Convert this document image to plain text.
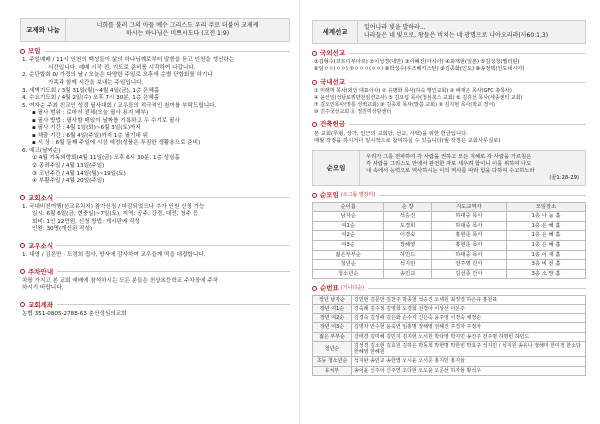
교제와 나눔
너희를 불러 그의 아들 예수 그리스도 우리 주로 더불어 교제케
하시는 하나님은 미쁘시도다 (고전 1:9)
모임
1. 주일예배 / 11시 인천의 백성들이 삶의 하나님께로부터 말씀을 듣고 인천을 갱신하는
시간입니다. 예배 시작 전, 기도로 준비를 시작하여 나갑니다.
2. 순단합회 0/ 가정의 날 / 오늘은 다양한 주일로 오후에 순별 단합회를 하기나
가족과 함께 시간을 보내는 주일입니다.
3. 새벽기도회 / 3월 31일(월)~4월 4일(금), 1층 은혜홀
4. 수요기도회 / 4월 2일(수) 오후 7시 30분, 1층 은혜홀
5. 여자순 주최 친교인 성경 필사대회 / 교우들의 적극적인 참여를 부탁드립니다.
▪ 필사 범위 : 로마서 전체(오늘 필사 용지 배부)
▪ 필사 방법 : 필사할 매일이 날짜를 기록하고 두 수기로 필사
▪ 필사 기간 : 4월 1일(화)~6월 3일(토)까지
▪ 채출 기간 : 6월 4일(주일)까지 1층 필기대 위
▪ 시 상 : 6월 둘째 주일에 시상 예정(성품은 푸짐한 생활용으로 준비)
6. 예고(날씨순)
① 4월 기독외향회(4월 11일(금) 오후 6시 30분, 1층 성심홀
② 종려주일 / 4월 13일(주일)
③ 고난주간 / 4월 14일(월)~19일(토)
④ 부활주일 / 4월 20일(주일)
교회소식
1. 국내비전여행(선교유치지) 참가신청 / 마감되었으나 추가 인원 신청 가능
일시: 6월 6일(금, 현충일)~7일(토), 지역: 공주, 강경, 대전, 청주 등
회비: 1인 12만원, 신청 방법: 게시판에 작성
인원: 30명(개신된 작성)
교우소식
1. 대영 / 김은만 · 도경희 집사, 방사에 감사하여 교우들께 떡을 대접합니다.
주차안내
차를 가지고 본 교회 예배에 참석하시는 모든 분들은 천상초등학교 주차장에 주차
하시기 바랍니다.
교회계좌
농협 351-0805-2788-63 춘산성심의교회
세계선교
일어나라 빛을 발하라...
나라들은 네 빛으로, 왕들은 비치는 네 광명으로 나아오리라(사60:1,3)
국외선교
①김형수(코트디부아르) ②이성경(대만) ③이혜진(아시아) ④최재현(일본) ⑤김성청(멜리핀)
⑥임ㅇㅇ(ㅇㅇ) ⑦ㅇㅇㅇ(ㅇㅇ) ⑧박성수(우즈베키스탄) ⑨김종화(인도) ⑩송정택(인도네시아)
국내선교
① 미래역 목사(외인 대표이사) ② 유명화 목사(하숙 행인교회) ③ 배재은 목사(GFC 총목사)
④ 윤선일(성남로뷔덴전임선교사) ⑤ 김요섭 목사(청심북스 교회) ⑥ 김휴선 목사(세종센터 교회)
⑦ 김오인목사(영롱 성벽교회) ⑧ 김종희 목사(말씀 교회) ⑨ 김지현 목사(학교 정서)
⑩ 진주국선교회 ⑪ 정진미상담센터
건축헌금
본 교회(무형, 상가, 인근의 교회당, 선교, 사택)을 위한 헌금입니다.
매월 작정을 하시거나 일시적으로 참여하실 수 있습니다(월 작정은 교회사무실로)
순모임
우리가 그를 전파하여 각 사람을 권하고 모든 지혜로 각 사람을 가르침은
각 사람을 그리스도 안에서 완전한 자로 세우려 함이니 이를 위하여 나도
내 속에서 능력으로 역사하시는 이의 역사를 따라 힘을 다하여 수고하노라
(골1:28-29)
순모임 (소그룹 별장터)
순이름	순 장	지도교역자	모임장소
남자순	석승진	하대중 목사	1층 나 눔 홀
여1순	도경희	하대중 목사	1층 은 혜 홀
여2순	이경숙	홍현준 목사	1층 은 혜 홀
여3순	장해영	홍현준 목사	1층 은 혜 홀
젊은부부순	하민드	하대중 목사	1층 이 새 홀
청년순	석지민	전주명 간사	3층 비 전 홀
청소년순	송민교	김선종 간사	3층 소 망 홀
순번표 (기나다순)
장년 남자순	강민현 김문만 김찬주 박종철 석승진 오세원 최정열 하은규 홍원표
장년 여1순	강숙례 김수정 김영희 도경희 선경아 이상선 이은주
장년 여2순	김경숙 김성애 김은화 손수자 신은숙 윤주영 이경숙 채정순
장년 여3순	김명자 안수현 윤숙연 임홍명 장해영 전혜진 주경자 주정자
젊은 부부순	강태경 김미혜 김민지 김지현 노서원 박다영 박지민 송진주 전주명 하명빈 하민드
청년순	김성경 김소현 김효원 김하은 박동희 박현명 박한빈 박효주 석지민 / 석지원 송유나 정해미 한미정 한소담 한혜영 한혜원
초등 청소년순	석지완 송민교 송한별 오시윤 오서준 홍지민 홍지율
유치부	송어윤 신주아 신주연 오다현 오도윤 오준선 하가율 황석우
